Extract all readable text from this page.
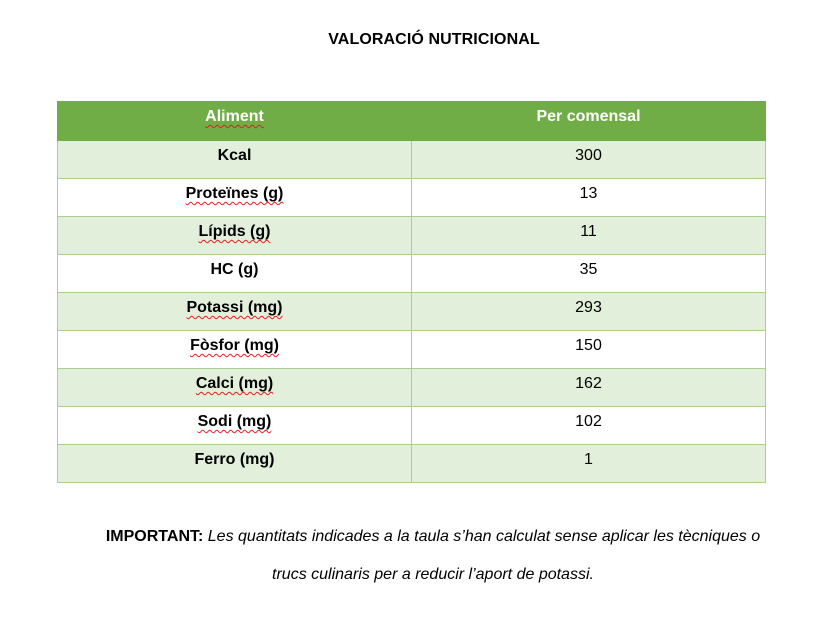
VALORACIÓ NUTRICIONAL
Aliment	Per comensal
Kcal	300
Proteïnes (g)	13
Lípids (g)	11
HC (g)	35
Potassi (mg)	293
Fòsfor (mg)	150
Calci (mg)	162
Sodi (mg)	102
Ferro (mg)	1
IMPORTANT: Les quantitats indicades a la taula s’han calculat sense aplicar les tècniques o
trucs culinaris per a reducir l’aport de potassi.
